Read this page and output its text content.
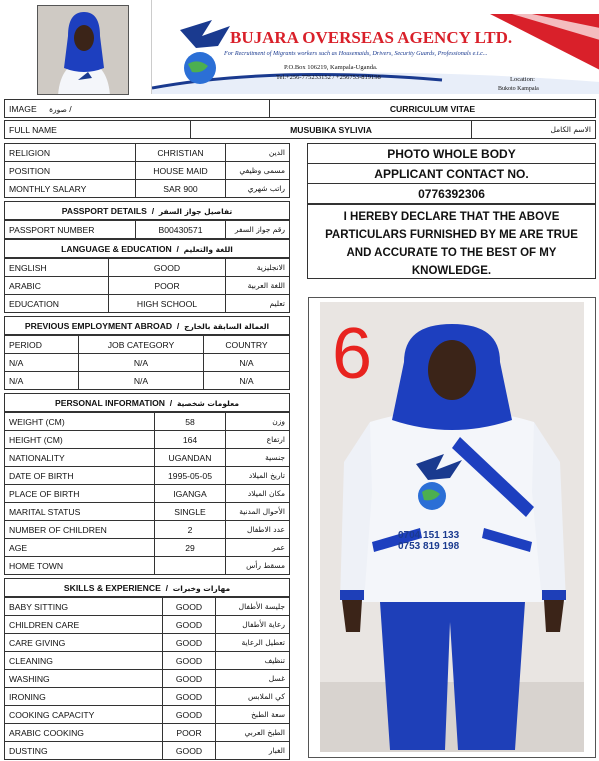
BUJARA OVERSEAS AGENCY LTD.
For Recruitment of Migrants workers such as Housemaids, Drivers, Security Guards, Professionals e.t.c...
P.O.Box 106219, Kampala-Uganda.
Tel:+256-775233152 / +256753-819198	Location:
Bukoto Kampala
IMAGE صورة /	CURRICULUM VITAE
FULL NAME	MUSUBIKA SYLIVIA	الاسم الكامل
RELIGION	CHRISTIAN	الدين
POSITION	HOUSE MAID	مسمى وظيفي
MONTHLY SALARY	SAR 900	راتب شهري
PASSPORT DETAILS  /  تفاصيل جواز السفر
PASSPORT NUMBER	B00430571	رقم جواز السفر
LANGUAGE & EDUCATION  /  اللغة والتعليم
ENGLISH	GOOD	الانجليزية
ARABIC	POOR	اللغة العربية
EDUCATION	HIGH SCHOOL	تعليم
PREVIOUS EMPLOYMENT ABROAD  /  العمالة السابقة بالخارج
PERIOD	JOB CATEGORY	COUNTRY
N/A	N/A	N/A
N/A	N/A	N/A
PERSONAL INFORMATION  /  معلومات شخصية
WEIGHT (CM)	58	وزن
HEIGHT (CM)	164	ارتفاع
NATIONALITY	UGANDAN	جنسية
DATE OF BIRTH	1995-05-05	تاريخ الميلاد
PLACE OF BIRTH	IGANGA	مكان الميلاد
MARITAL STATUS	SINGLE	الأحوال المدنية
NUMBER OF CHILDREN	2	عدد الاطفال
AGE	29	عمر
HOME TOWN		مسقط رأس
SKILLS & EXPERIENCE  /  مهارات وخبرات
BABY SITTING	GOOD	جليسة الأطفال
CHILDREN CARE	GOOD	رعاية الأطفال
CARE GIVING	GOOD	تعطيل الرعاية
CLEANING	GOOD	تنظيف
WASHING	GOOD	غسل
IRONING	GOOD	كي الملابس
COOKING CAPACITY	GOOD	سعة الطبخ
ARABIC COOKING	POOR	الطبخ العربي
DUSTING	GOOD	الغبار
PHOTO WHOLE BODY
APPLICANT CONTACT NO.
0776392306
I HEREBY DECLARE THAT THE ABOVE PARTICULARS FURNISHED BY ME ARE TRUE AND ACCURATE TO THE BEST OF MY KNOWLEDGE.
6
0704 151 133
0753 819 198
